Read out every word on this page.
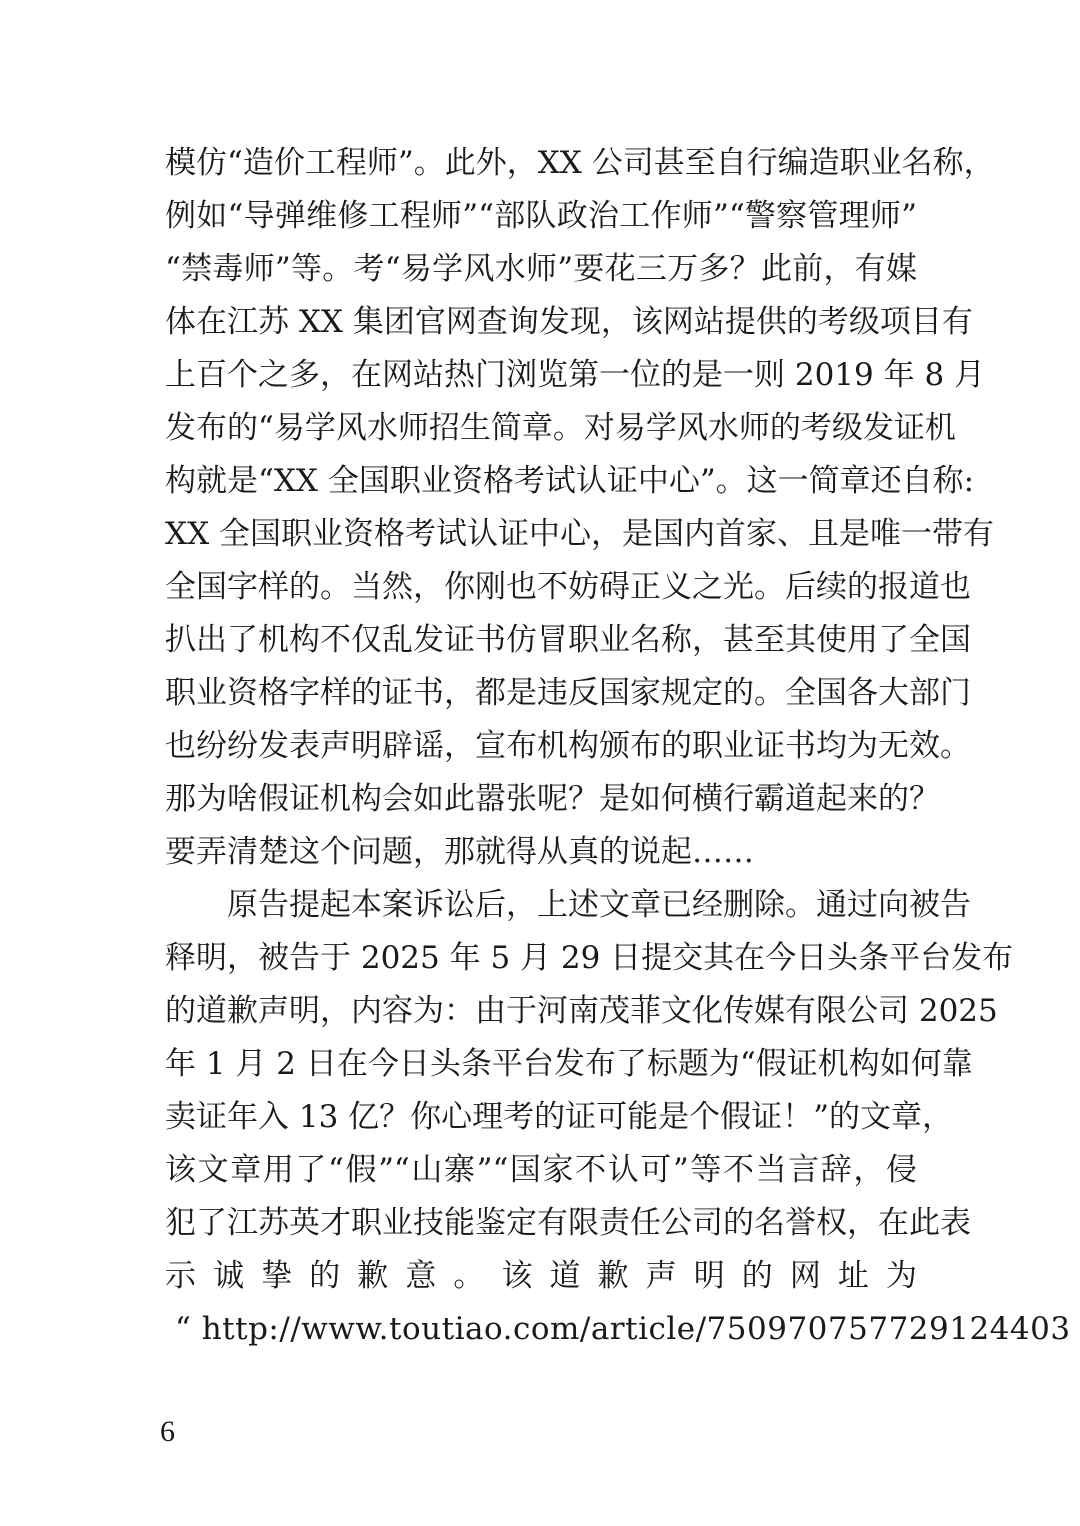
模仿“造价工程师”。此外，XX 公司甚至自行编造职业名称，
例如“导弹维修工程师”“部队政治工作师”“警察管理师”
“禁毒师”等。考“易学风水师”要花三万多？此前，有媒
体在江苏 XX 集团官网查询发现，该网站提供的考级项目有
上百个之多，在网站热门浏览第一位的是一则 2019 年 8 月
发布的“易学风水师招生简章。对易学风水师的考级发证机
构就是“XX 全国职业资格考试认证中心”。这一简章还自称:
XX 全国职业资格考试认证中心，是国内首家、且是唯一带有
全国字样的。当然，你刚也不妨碍正义之光。后续的报道也
扒出了机构不仅乱发证书仿冒职业名称，甚至其使用了全国
职业资格字样的证书，都是违反国家规定的。全国各大部门
也纷纷发表声明辟谣，宣布机构颁布的职业证书均为无效。
那为啥假证机构会如此嚣张呢？是如何横行霸道起来的？
要弄清楚这个问题，那就得从真的说起……
原告提起本案诉讼后，上述文章已经删除。通过向被告
释明，被告于 2025 年 5 月 29 日提交其在今日头条平台发布
的道歉声明，内容为：由于河南茂菲文化传媒有限公司 2025
年 1 月 2 日在今日头条平台发布了标题为“假证机构如何靠
卖证年入 13 亿？你心理考的证可能是个假证！”的文章，
该文章用了“假”“山寨”“国家不认可”等不当言辞，侵
犯了江苏英才职业技能鉴定有限责任公司的名誉权，在此表
示 诚 挚 的 歉 意 。 该 道 歉 声 明 的 网 址 为
“ http://www.toutiao.com/article/750970757729124403
6
